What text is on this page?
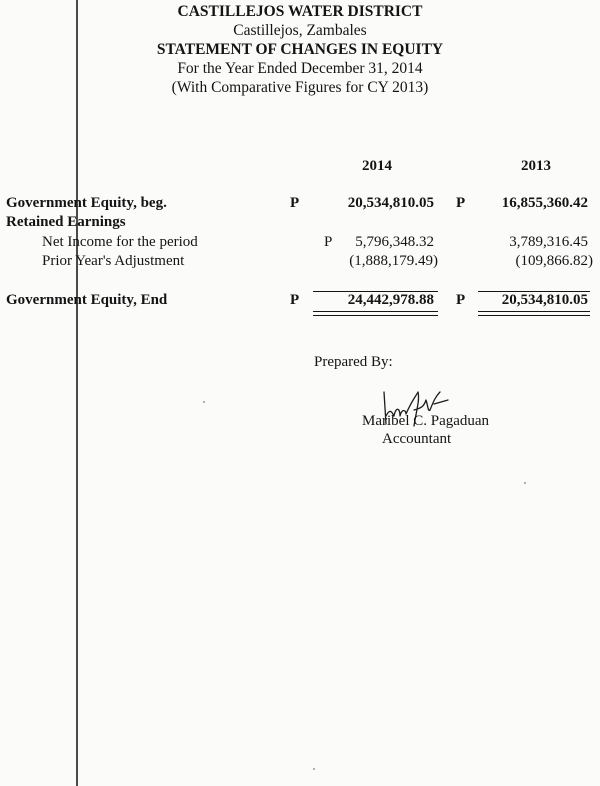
CASTILLEJOS WATER DISTRICT
Castillejos, Zambales
STATEMENT OF CHANGES IN EQUITY
For the Year Ended December 31, 2014
(With Comparative Figures for CY 2013)
2014	2013
Government Equity, beg.	P	20,534,810.05 P 16,855,360.42
Retained Earnings
Net Income for the period	P 5,796,348.32	3,789,316.45
Prior Year's Adjustment	(1,888,179.49)	(109,866.82)
Government Equity, End	P	24,442,978.88 P 20,534,810.05
Prepared By:
Maribel C. Pagaduan
Accountant
